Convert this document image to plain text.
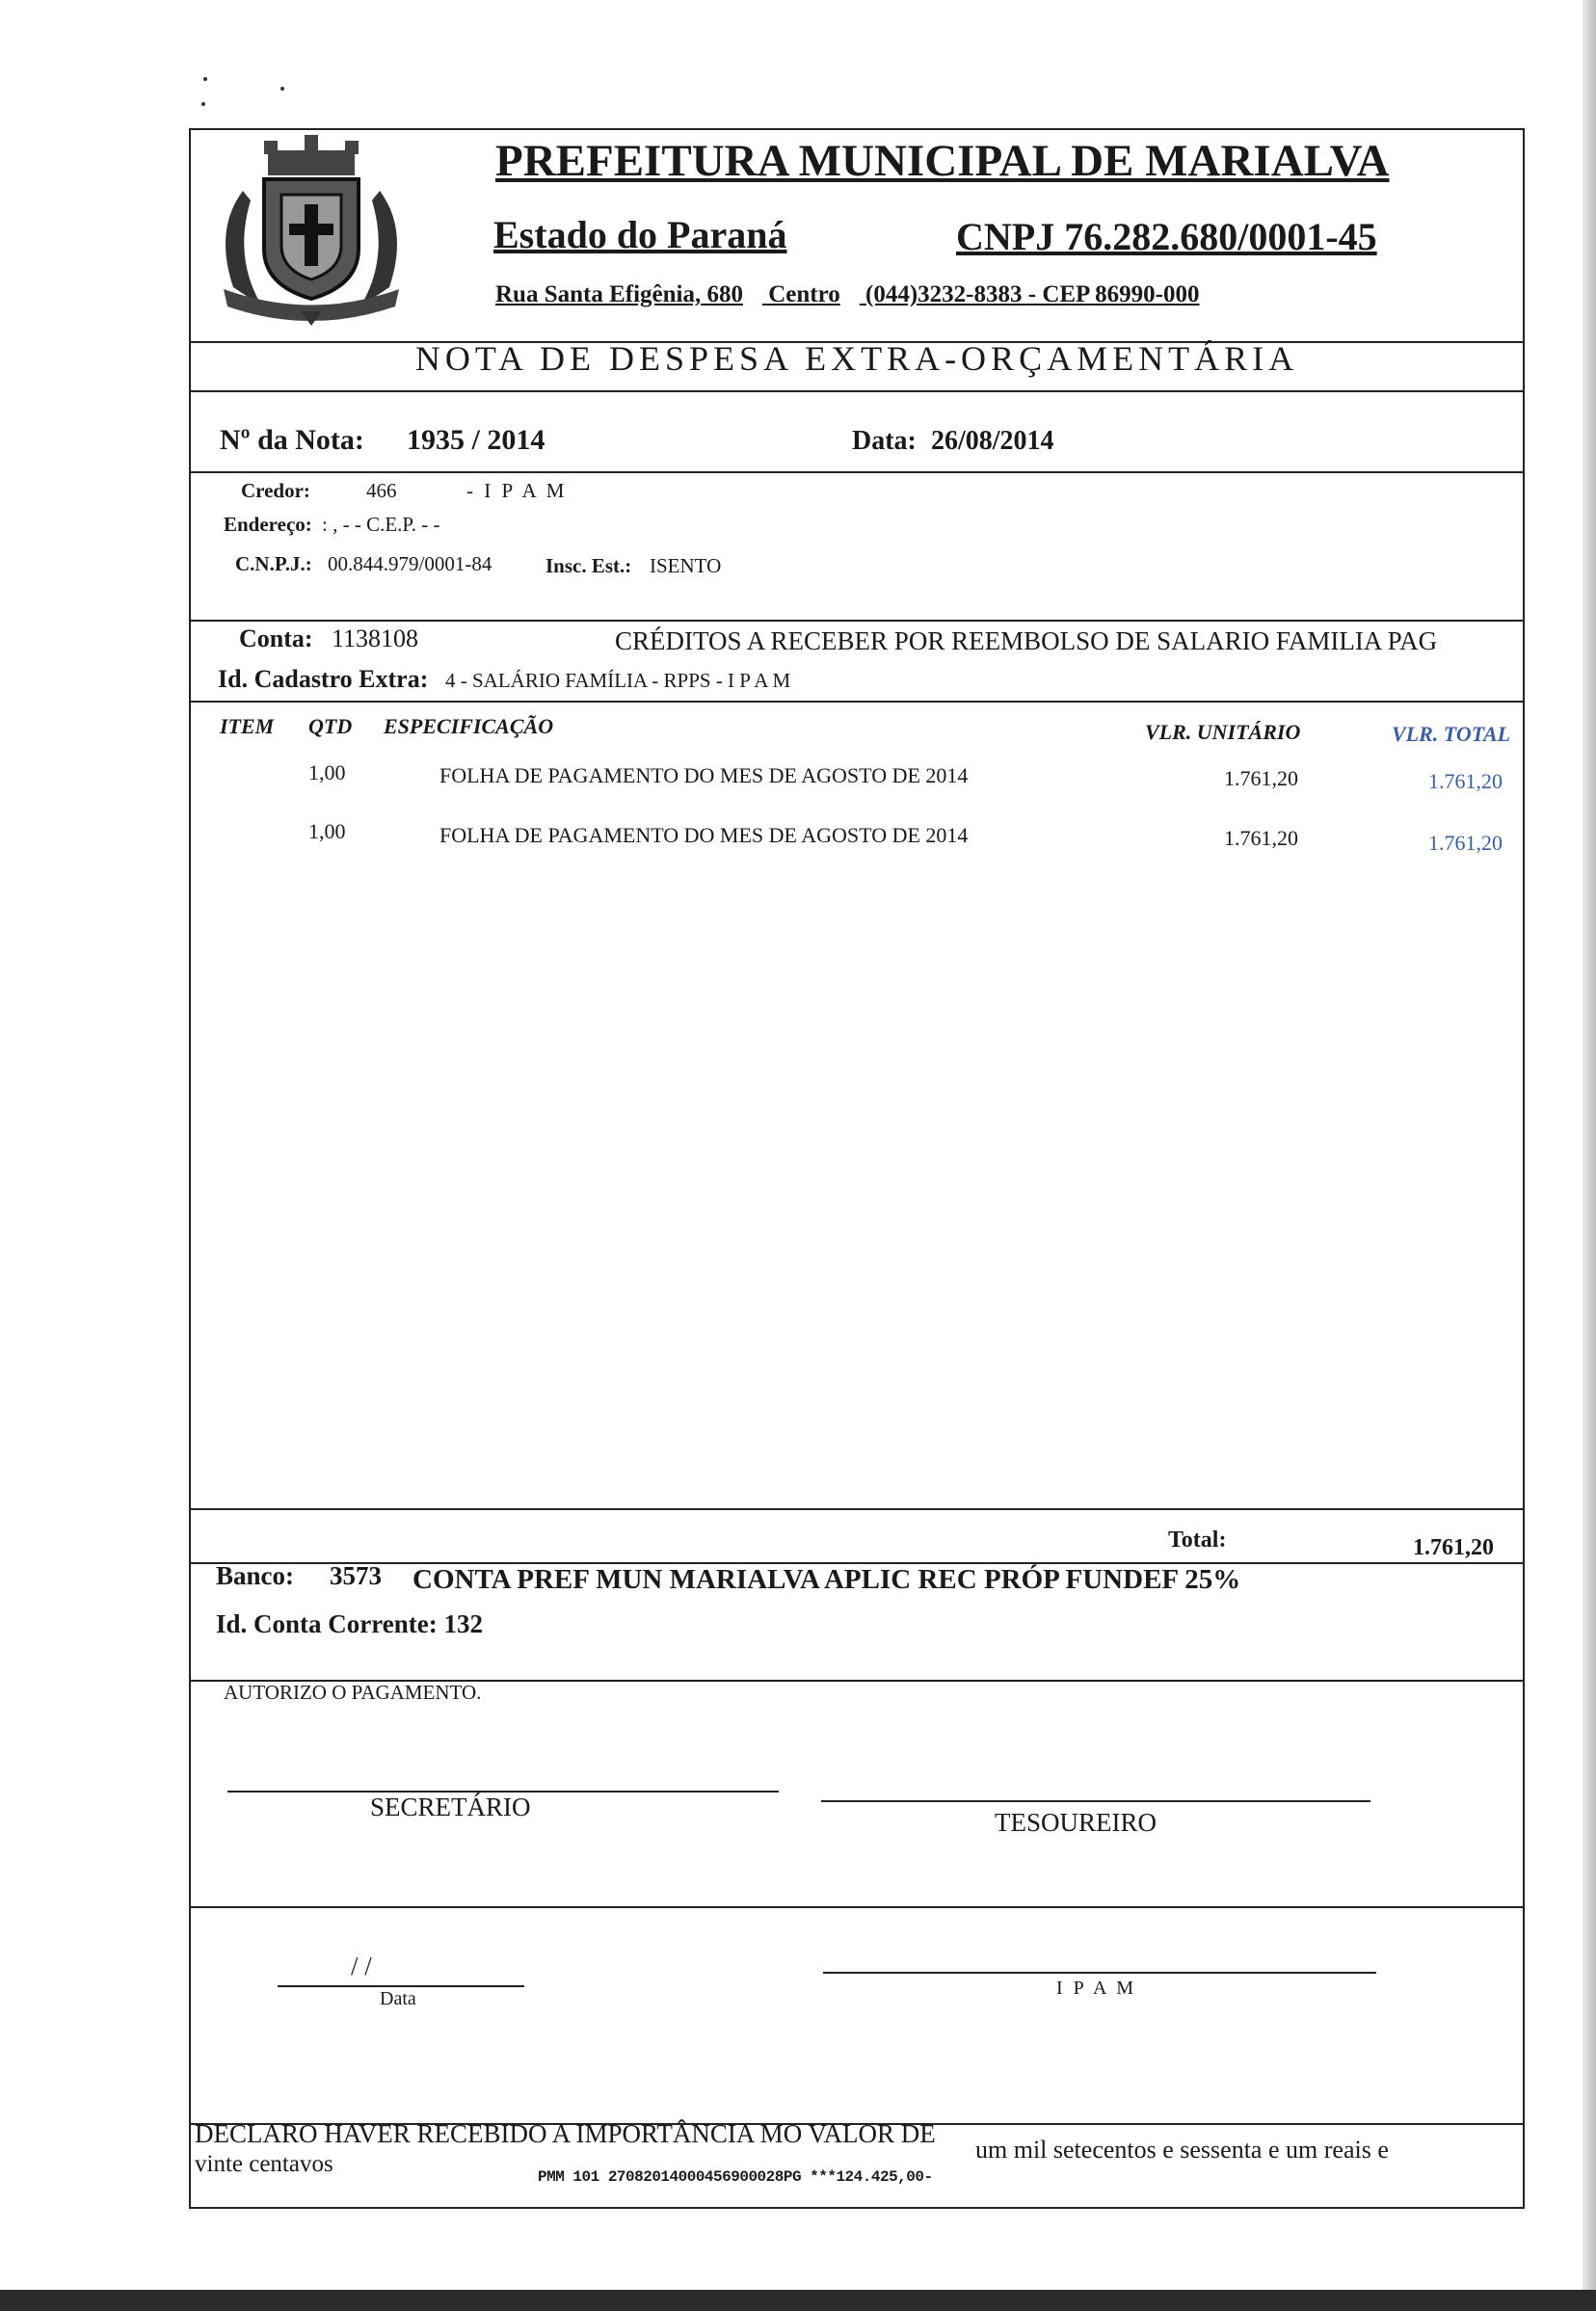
PREFEITURA MUNICIPAL DE MARIALVA
Estado do Paraná	CNPJ 76.282.680/0001-45
Rua Santa Efigênia, 680 Centro (044)3232-8383 - CEP 86990-000
NOTA DE DESPESA EXTRA-ORÇAMENTÁRIA
Nº da Nota: 1935 / 2014	Data: 26/08/2014
Credor:	466	- I P A M
Endereço: : , - - C.E.P. - -
C.N.P.J.: 00.844.979/0001-84	Insc. Est.: ISENTO
Conta: 1138108	CRÉDITOS A RECEBER POR REEMBOLSO DE SALARIO FAMILIA PAG
Id. Cadastro Extra: 4 - SALÁRIO FAMÍLIA - RPPS - I P A M
ITEM QTD ESPECIFICAÇÃO	VLR. UNITÁRIO	VLR. TOTAL
1,00	FOLHA DE PAGAMENTO DO MES DE AGOSTO DE 2014	1.761,20	1.761,20
1,00	FOLHA DE PAGAMENTO DO MES DE AGOSTO DE 2014	1.761,20	1.761,20
Total:	1.761,20
Banco: 3573 CONTA PREF MUN MARIALVA APLIC REC PRÓP FUNDEF 25%
Id. Conta Corrente: 132
AUTORIZO O PAGAMENTO.
SECRETÁRIO
TESOUREIRO
/ /
Data	I P A M
DECLARO HAVER RECEBIDO A IMPORTÂNCIA MO VALOR DE
um mil setecentos e sessenta e um reais e
vinte centavos	PMM 101 27082014000456900028PG ***124.425,00-
